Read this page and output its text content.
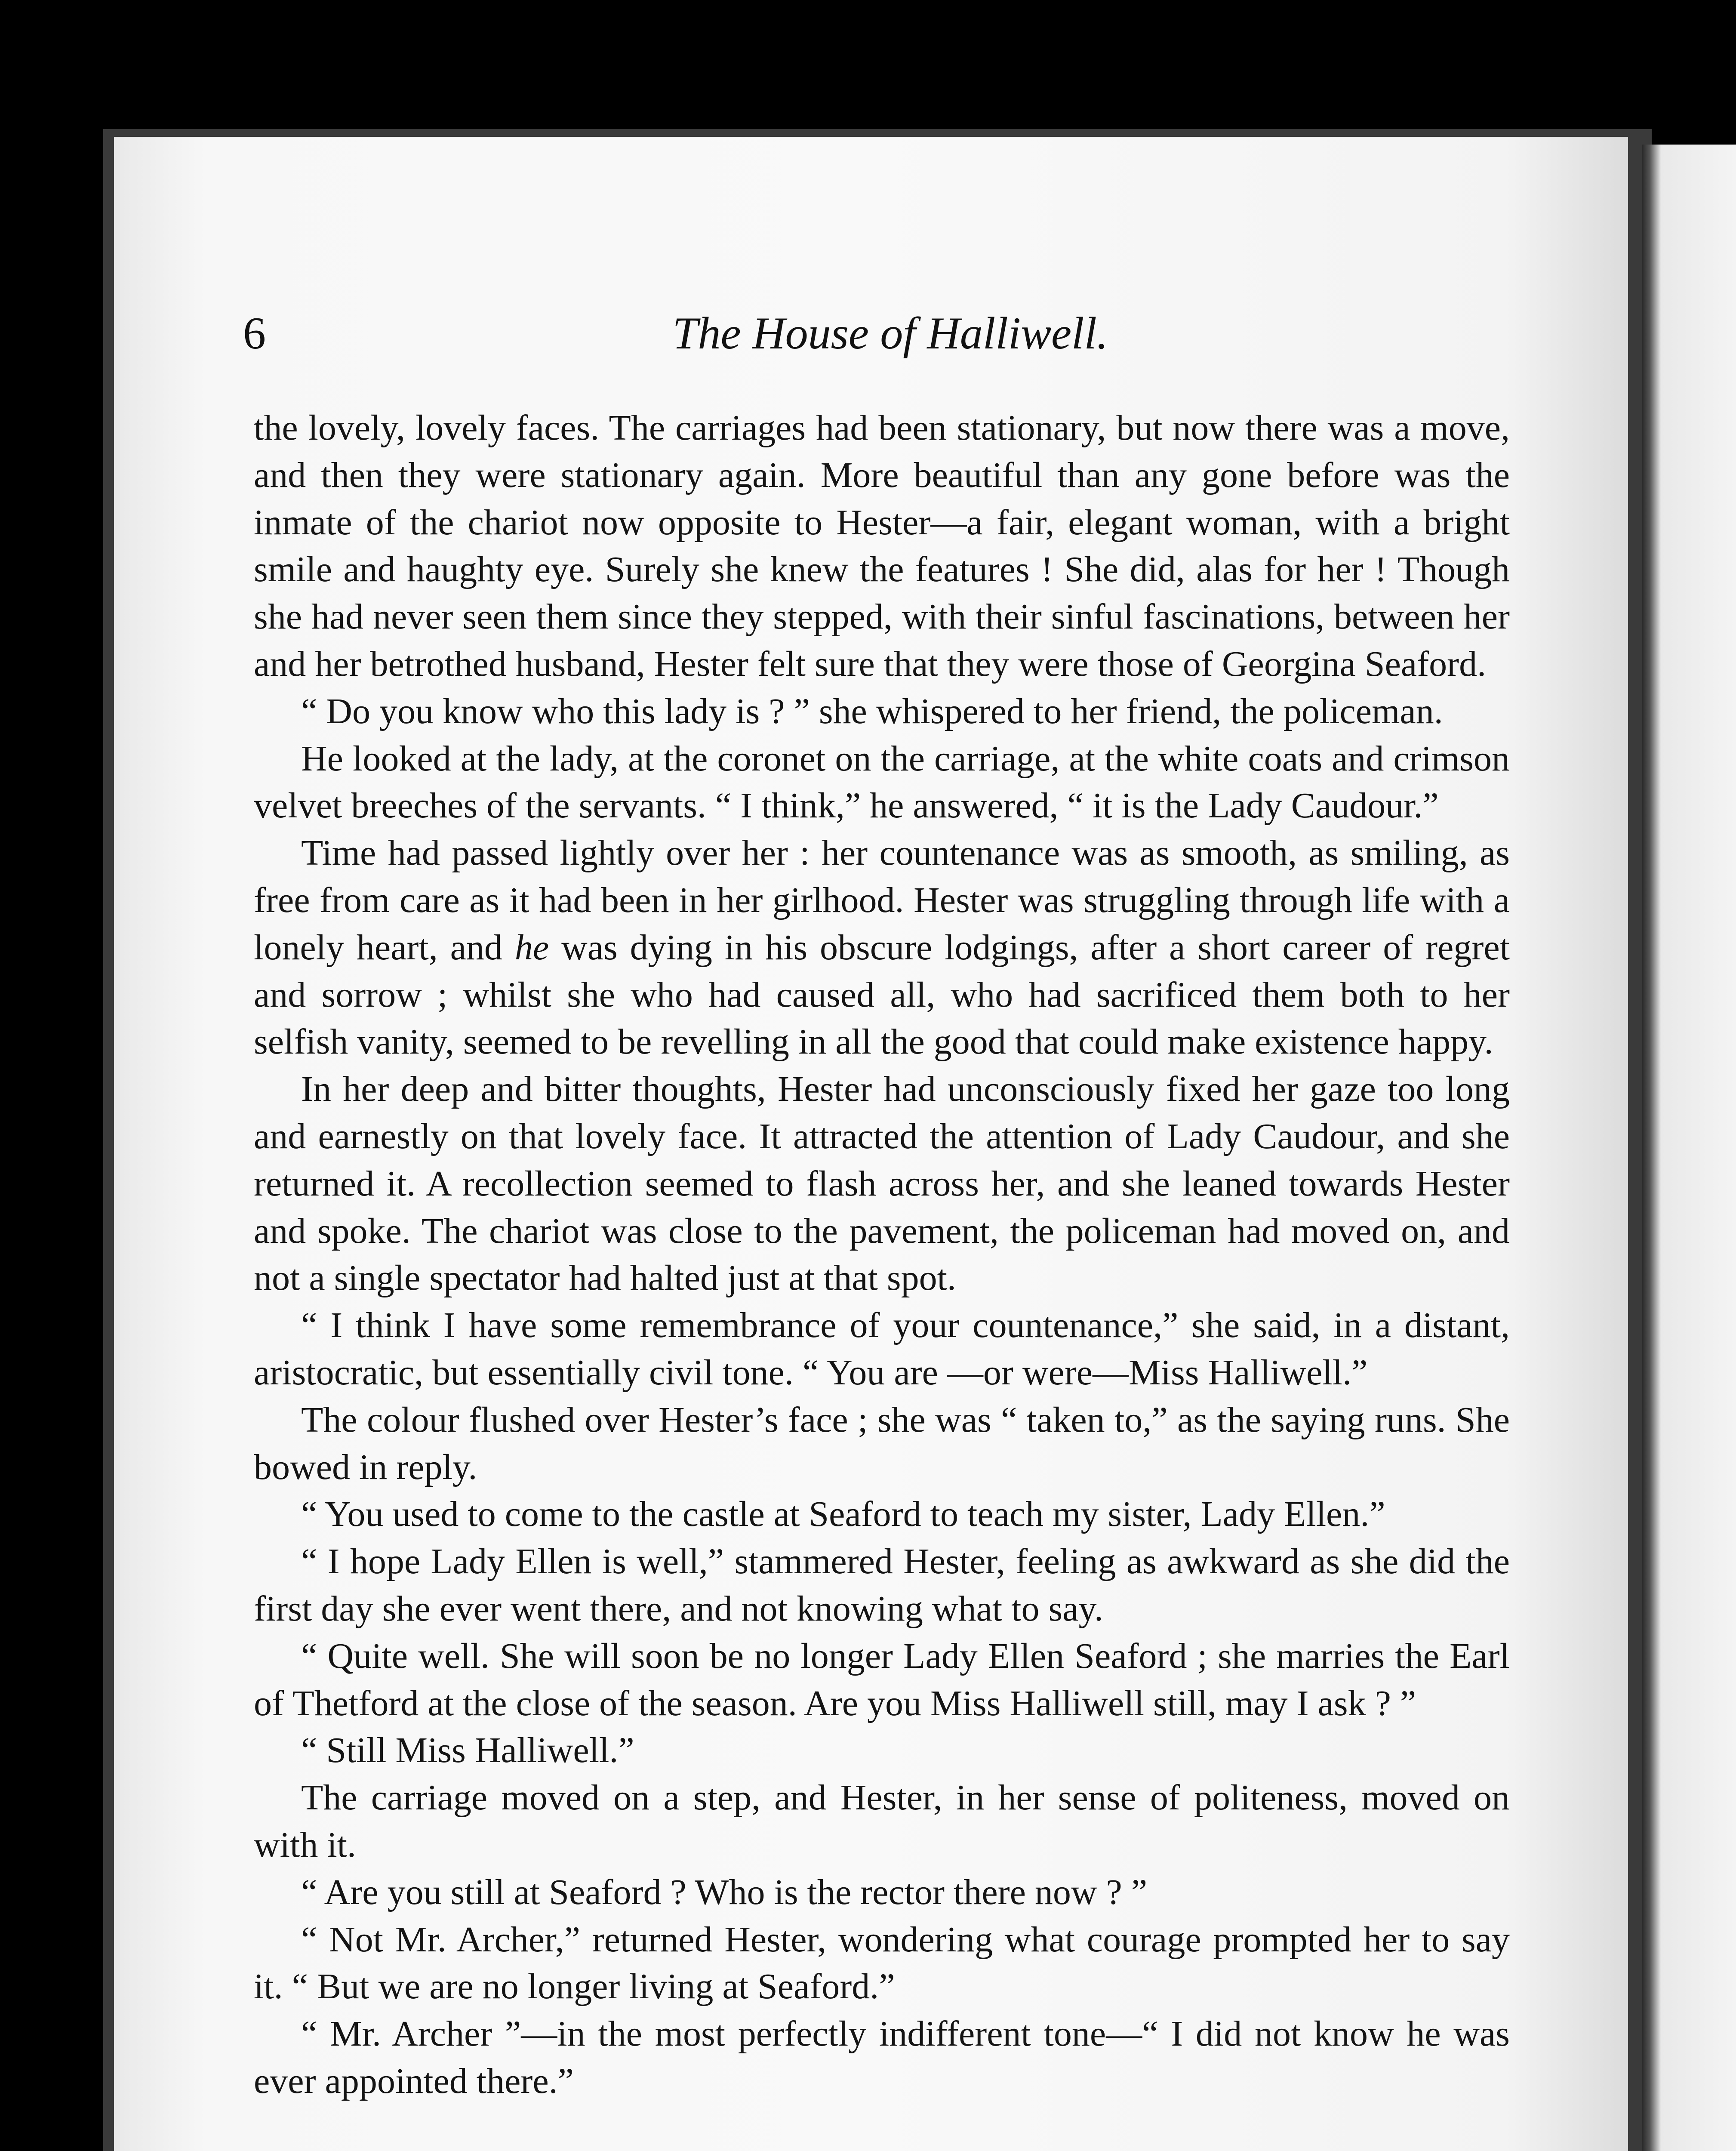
6	The House of Halliwell.

the lovely, lovely faces. The carriages had been stationary, but now there was a move, and then they were stationary again. More beautiful than any gone before was the inmate of the chariot now opposite to Hester—a fair, elegant woman, with a bright smile and haughty eye. Surely she knew the features ! She did, alas for her ! Though she had never seen them since they stepped, with their sinful fascinations, between her and her betrothed husband, Hester felt sure that they were those of Georgina Seaford.

“ Do you know who this lady is ? ” she whispered to her friend, the policeman.

He looked at the lady, at the coronet on the carriage, at the white coats and crimson velvet breeches of the servants. “ I think,” he answered, “ it is the Lady Caudour.”

Time had passed lightly over her : her countenance was as smooth, as smiling, as free from care as it had been in her girlhood. Hester was struggling through life with a lonely heart, and he was dying in his obscure lodgings, after a short career of regret and sorrow ; whilst she who had caused all, who had sacrificed them both to her selfish vanity, seemed to be revelling in all the good that could make existence happy.

In her deep and bitter thoughts, Hester had unconsciously fixed her gaze too long and earnestly on that lovely face. It attracted the attention of Lady Caudour, and she returned it. A recollection seemed to flash across her, and she leaned towards Hester and spoke. The chariot was close to the pavement, the policeman had moved on, and not a single spectator had halted just at that spot.

“ I think I have some remembrance of your countenance,” she said, in a distant, aristocratic, but essentially civil tone. “ You are —or were—Miss Halliwell.”

The colour flushed over Hester’s face ; she was “ taken to,” as the saying runs. She bowed in reply.

“ You used to come to the castle at Seaford to teach my sister, Lady Ellen.”

“ I hope Lady Ellen is well,” stammered Hester, feeling as awkward as she did the first day she ever went there, and not knowing what to say.

“ Quite well. She will soon be no longer Lady Ellen Seaford ; she marries the Earl of Thetford at the close of the season. Are you Miss Halliwell still, may I ask ? ”

“ Still Miss Halliwell.”

The carriage moved on a step, and Hester, in her sense of politeness, moved on with it.

“ Are you still at Seaford ? Who is the rector there now ? ”

“ Not Mr. Archer,” returned Hester, wondering what courage prompted her to say it. “ But we are no longer living at Seaford.”

“ Mr. Archer ”—in the most perfectly indifferent tone—“ I did not know he was ever appointed there.”
